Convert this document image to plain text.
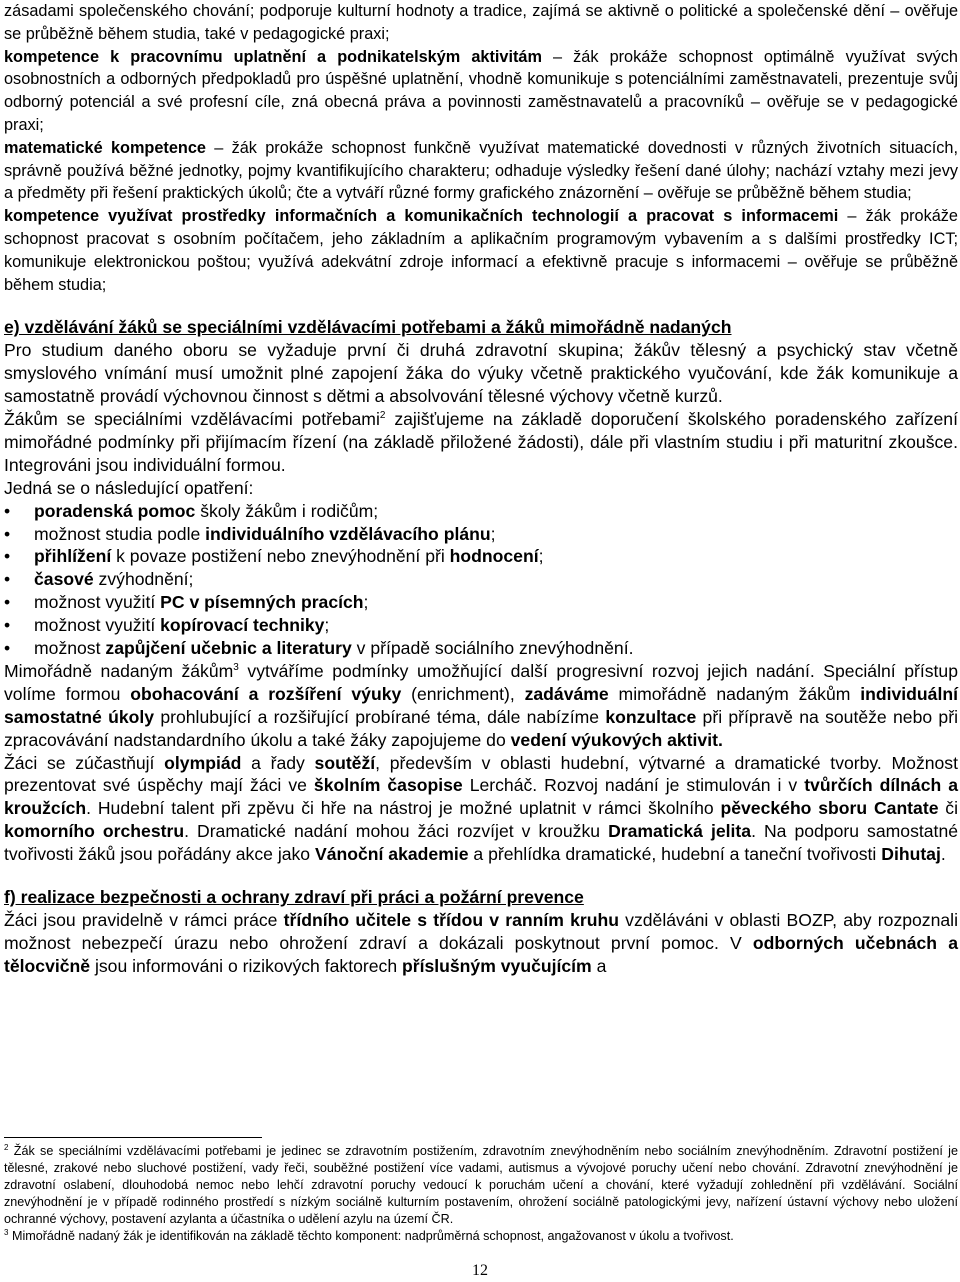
zásadami společenského chování; podporuje kulturní hodnoty a tradice, zajímá se aktivně o politické a společenské dění – ověřuje se průběžně během studia, také v pedagogické praxi;

kompetence k pracovnímu uplatnění a podnikatelským aktivitám – žák prokáže schopnost optimálně využívat svých osobnostních a odborných předpokladů pro úspěšné uplatnění, vhodně komunikuje s potenciálními zaměstnavateli, prezentuje svůj odborný potenciál a své profesní cíle, zná obecná práva a povinnosti zaměstnavatelů a pracovníků – ověřuje se v pedagogické praxi;

matematické kompetence – žák prokáže schopnost funkčně využívat matematické dovednosti v různých životních situacích, správně používá běžné jednotky, pojmy kvantifikujícího charakteru; odhaduje výsledky řešení dané úlohy; nachází vztahy mezi jevy a předměty při řešení praktických úkolů; čte a vytváří různé formy grafického znázornění – ověřuje se průběžně během studia;

kompetence využívat prostředky informačních a komunikačních technologií a pracovat s informacemi – žák prokáže schopnost pracovat s osobním počítačem, jeho základním a aplikačním programovým vybavením a s dalšími prostředky ICT; komunikuje elektronickou poštou; využívá adekvátní zdroje informací a efektivně pracuje s informacemi – ověřuje se průběžně během studia;

e) vzdělávání žáků se speciálními vzdělávacími potřebami a žáků mimořádně nadaných

Pro studium daného oboru se vyžaduje první či druhá zdravotní skupina; žákův tělesný a psychický stav včetně smyslového vnímání musí umožnit plné zapojení žáka do výuky včetně praktického vyučování, kde žák komunikuje a samostatně provádí výchovnou činnost s dětmi a absolvování tělesné výchovy včetně kurzů.

Žákům se speciálními vzdělávacími potřebami$^2$ zajišťujeme na základě doporučení školského poradenského zařízení mimořádné podmínky při přijímacím řízení (na základě přiložené žádosti), dále při vlastním studiu i při maturitní zkoušce. Integrováni jsou individuální formou.

Jedná se o následující opatření:

• poradenská pomoc školy žákům i rodičům;
• možnost studia podle individuálního vzdělávacího plánu;
• přihlížení k povaze postižení nebo znevýhodnění při hodnocení;
• časové zvýhodnění;
• možnost využití PC v písemných pracích;
• možnost využití kopírovací techniky;
• možnost zapůjčení učebnic a literatury v případě sociálního znevýhodnění.

Mimořádně nadaným žákům$^3$ vytváříme podmínky umožňující další progresivní rozvoj jejich nadání. Speciální přístup volíme formou obohacování a rozšíření výuky (enrichment), zadáváme mimořádně nadaným žákům individuální samostatné úkoly prohlubující a rozšiřující probírané téma, dále nabízíme konzultace při přípravě na soutěže nebo při zpracovávání nadstandardního úkolu a také žáky zapojujeme do vedení výukových aktivit.

Žáci se zúčastňují olympiád a řady soutěží, především v oblasti hudební, výtvarné a dramatické tvorby. Možnost prezentovat své úspěchy mají žáci ve školním časopise Lercháč. Rozvoj nadání je stimulován i v tvůrčích dílnách a kroužcích. Hudební talent při zpěvu či hře na nástroj je možné uplatnit v rámci školního pěveckého sboru Cantate či komorního orchestru. Dramatické nadání mohou žáci rozvíjet v kroužku Dramatická jelita. Na podporu samostatné tvořivosti žáků jsou pořádány akce jako Vánoční akademie a přehlídka dramatické, hudební a taneční tvořivosti Dihutaj.

f) realizace bezpečnosti a ochrany zdraví při práci a požární prevence

Žáci jsou pravidelně v rámci práce třídního učitele s třídou v ranním kruhu vzděláváni v oblasti BOZP, aby rozpoznali možnost nebezpečí úrazu nebo ohrožení zdraví a dokázali poskytnout první pomoc. V odborných učebnách a tělocvičně jsou informováni o rizikových faktorech příslušným vyučujícím a

$^2$ Žák se speciálními vzdělávacími potřebami je jedinec se zdravotním postižením, zdravotním znevýhodněním nebo sociálním znevýhodněním. Zdravotní postižení je tělesné, zrakové nebo sluchové postižení, vady řeči, souběžné postižení více vadami, autismus a vývojové poruchy učení nebo chování. Zdravotní znevýhodnění je zdravotní oslabení, dlouhodobá nemoc nebo lehčí zdravotní poruchy vedoucí k poruchám učení a chování, které vyžadují zohlednění při vzdělávání. Sociální znevýhodnění je v případě rodinného prostředí s nízkým sociálně kulturním postavením, ohrožení sociálně patologickými jevy, nařízení ústavní výchovy nebo uložení ochranné výchovy, postavení azylanta a účastníka o udělení azylu na území ČR.

$^3$ Mimořádně nadaný žák je identifikován na základě těchto komponent: nadprůměrná schopnost, angažovanost v úkolu a tvořivost.

12
